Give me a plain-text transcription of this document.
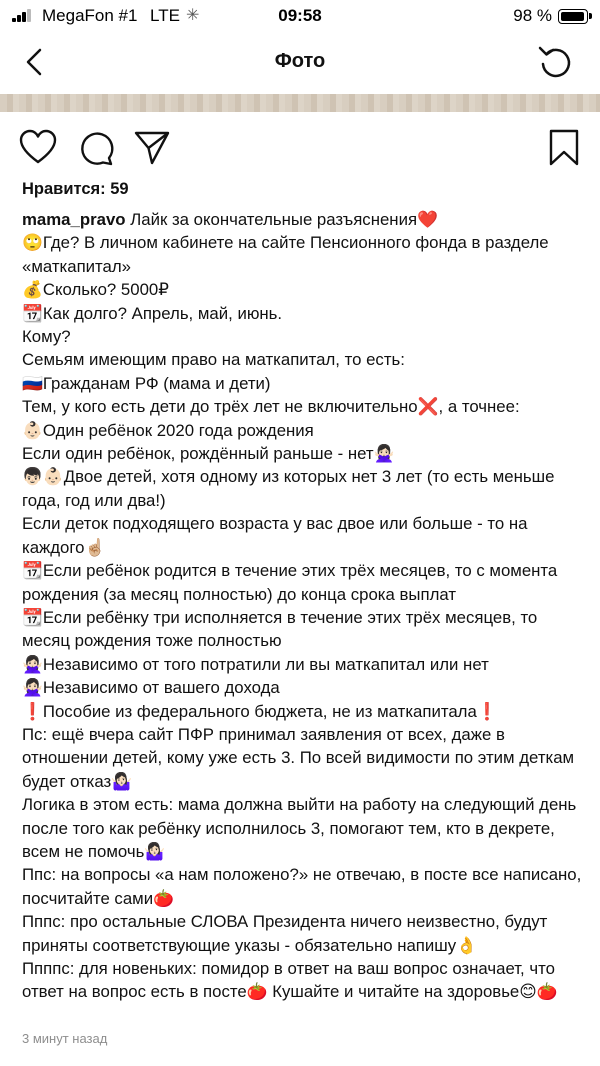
MegaFon #1 LTE ✳	09:58	98 %
Фото
Нравится: 59

mama_pravo Лайк за окончательные разъяснения❤️

🙄Где? В личном кабинете на сайте Пенсионного фонда в разделе «маткапитал»

💰Сколько? 5000₽

📆Как долго? Апрель, май, июнь.

Кому?

Семьям имеющим право на маткапитал, то есть:

🇷🇺Гражданам РФ (мама и дети)

Тем, у кого есть дети до трёх лет не включительно❌, а точнее:

👶🏻Один ребёнок 2020 года рождения

Если один ребёнок, рождённый раньше - нет🙅🏻‍♀️

👦🏻👶🏻Двое детей, хотя одному из которых нет 3 лет (то есть меньше года, год или два!)

Если деток подходящего возраста у вас двое или больше - то на каждого☝🏼

📆Если ребёнок родится в течение этих трёх месяцев, то с момента рождения (за месяц полностью) до конца срока выплат

📆Если ребёнку три исполняется в течение этих трёх месяцев, то месяц рождения тоже полностью

🙅🏻‍♀️Независимо от того потратили ли вы маткапитал или нет

🙅🏻‍♀️Независимо от вашего дохода

❗️Пособие из федерального бюджета, не из маткапитала❗️

Пс: ещё вчера сайт ПФР принимал заявления от всех, даже в отношении детей, кому уже есть 3. По всей видимости по этим деткам будет отказ🤷🏻‍♀️

Логика в этом есть: мама должна выйти на работу на следующий день после того как ребёнку исполнилось 3, помогают тем, кто в декрете, всем не помочь🤷🏻‍♀️

Ппс: на вопросы «а нам положено?» не отвечаю, в посте все написано, посчитайте сами🍅

Пппс: про остальные СЛОВА Президента ничего неизвестно, будут приняты соответствующие указы - обязательно напишу👌

Ппппс: для новеньких: помидор в ответ на ваш вопрос означает, что ответ на вопрос есть в посте🍅 Кушайте и читайте на здоровье😊🍅

3 минут назад
